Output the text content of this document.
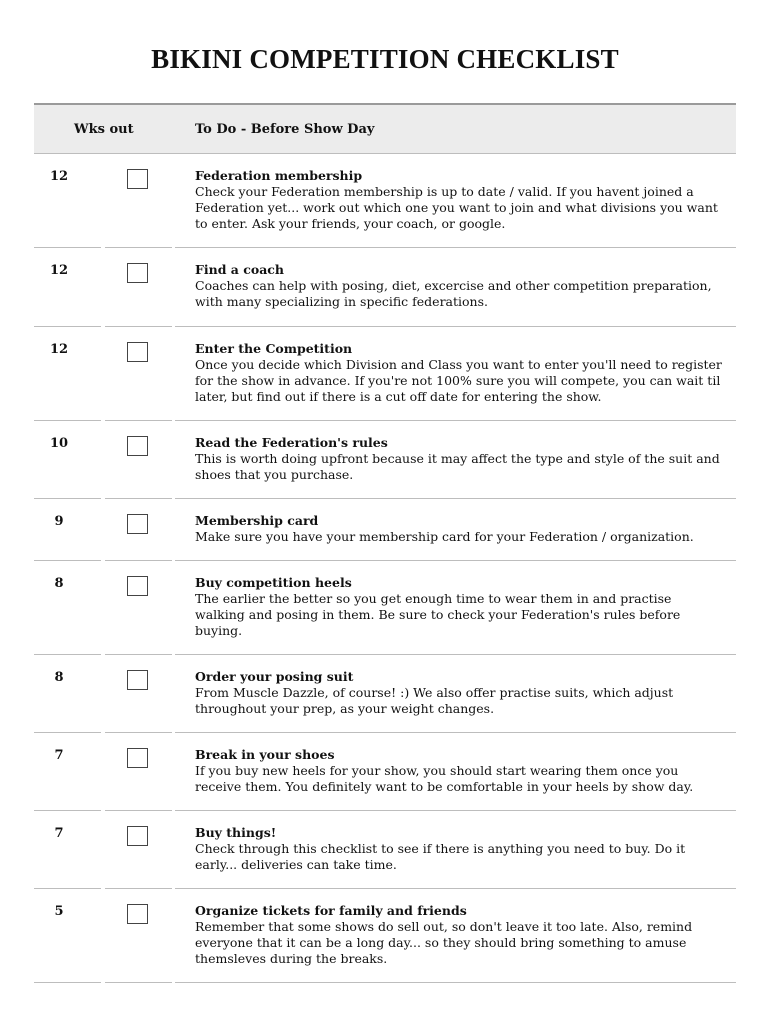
BIKINI COMPETITION CHECKLIST
Wks out	To Do - Before Show Day
12	Federation membership
Check your Federation membership is up to date / valid. If you havent joined a Federation yet... work out which one you want to join and what divisions you want to enter. Ask your friends, your coach, or google.
12	Find a coach
Coaches can help with posing, diet, excercise and other competition preparation, with many specializing in specific federations.
12	Enter the Competition
Once you decide which Division and Class you want to enter you'll need to register for the show in advance. If you're not 100% sure you will compete, you can wait til later, but find out if there is a cut off date for entering the show.
10	Read the Federation's rules
This is worth doing upfront because it may affect the type and style of the suit and shoes that you purchase.
9	Membership card
Make sure you have your membership card for your Federation / organization.
8	Buy competition heels
The earlier the better so you get enough time to wear them in and practise walking and posing in them. Be sure to check your Federation's rules before buying.
8	Order your posing suit
From Muscle Dazzle, of course! :) We also offer practise suits, which adjust throughout your prep, as your weight changes.
7	Break in your shoes
If you buy new heels for your show, you should start wearing them once you receive them. You definitely want to be comfortable in your heels by show day.
7	Buy things!
Check through this checklist to see if there is anything you need to buy. Do it early... deliveries can take time.
5	Organize tickets for family and friends
Remember that some shows do sell out, so don't leave it too late. Also, remind everyone that it can be a long day... so they should bring something to amuse themsleves during the breaks.
